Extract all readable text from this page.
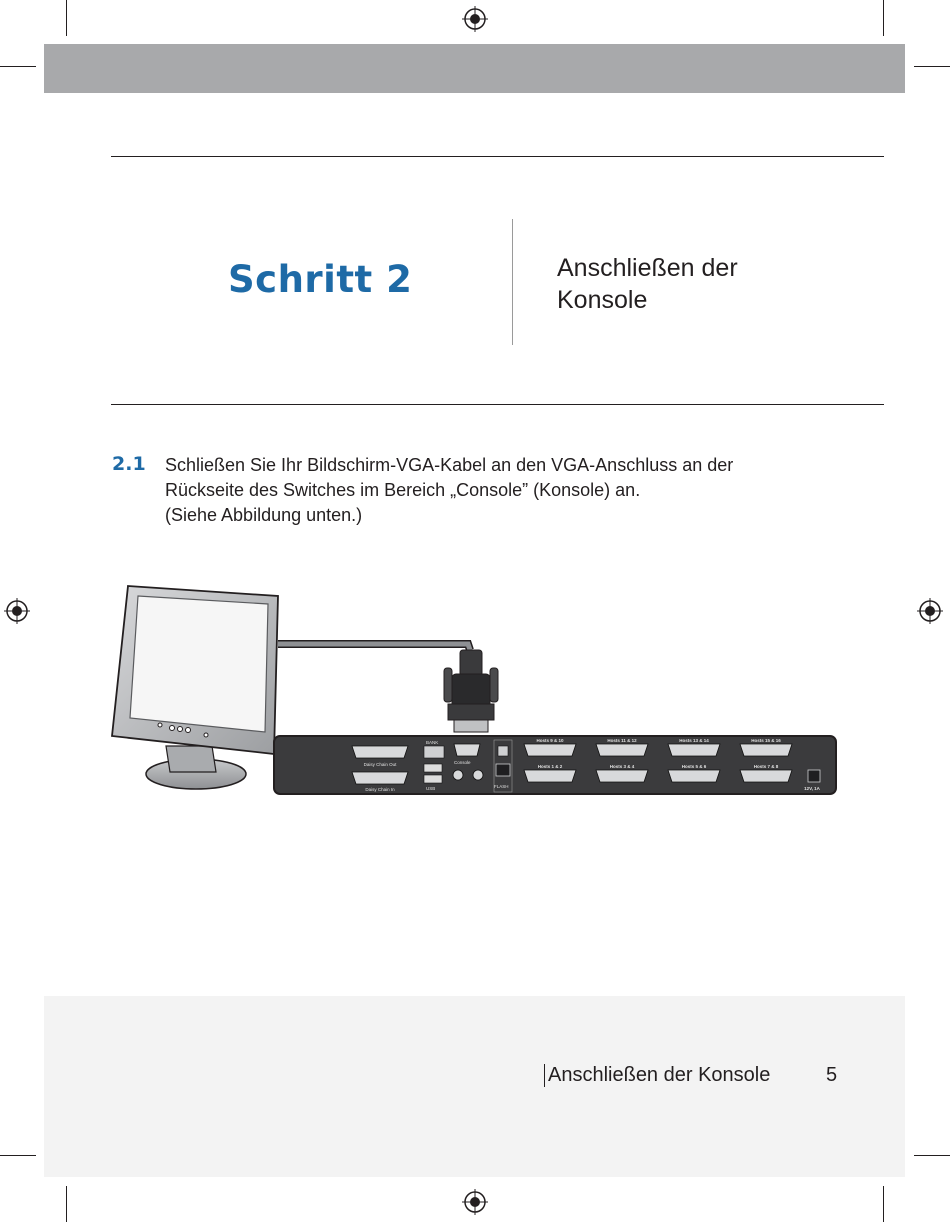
Schritt 2	Anschließen der
Konsole
2.1 Schließen Sie Ihr Bildschirm-VGA-Kabel an den VGA-Anschluss an der
Rückseite des Switches im Bereich „Console” (Konsole) an.
(Siehe Abbildung unten.)
Daisy Chain Out
Daisy Chain In
BANK
USB
Console
FLASH
Hosts 9 & 10	Hosts 11 & 12	Hosts 13 & 14	Hosts 15 & 16
Hosts 1 & 2	Hosts 3 & 4	Hosts 5 & 6	Hosts 7 & 8
12V, 1A
Anschließen der Konsole	5
